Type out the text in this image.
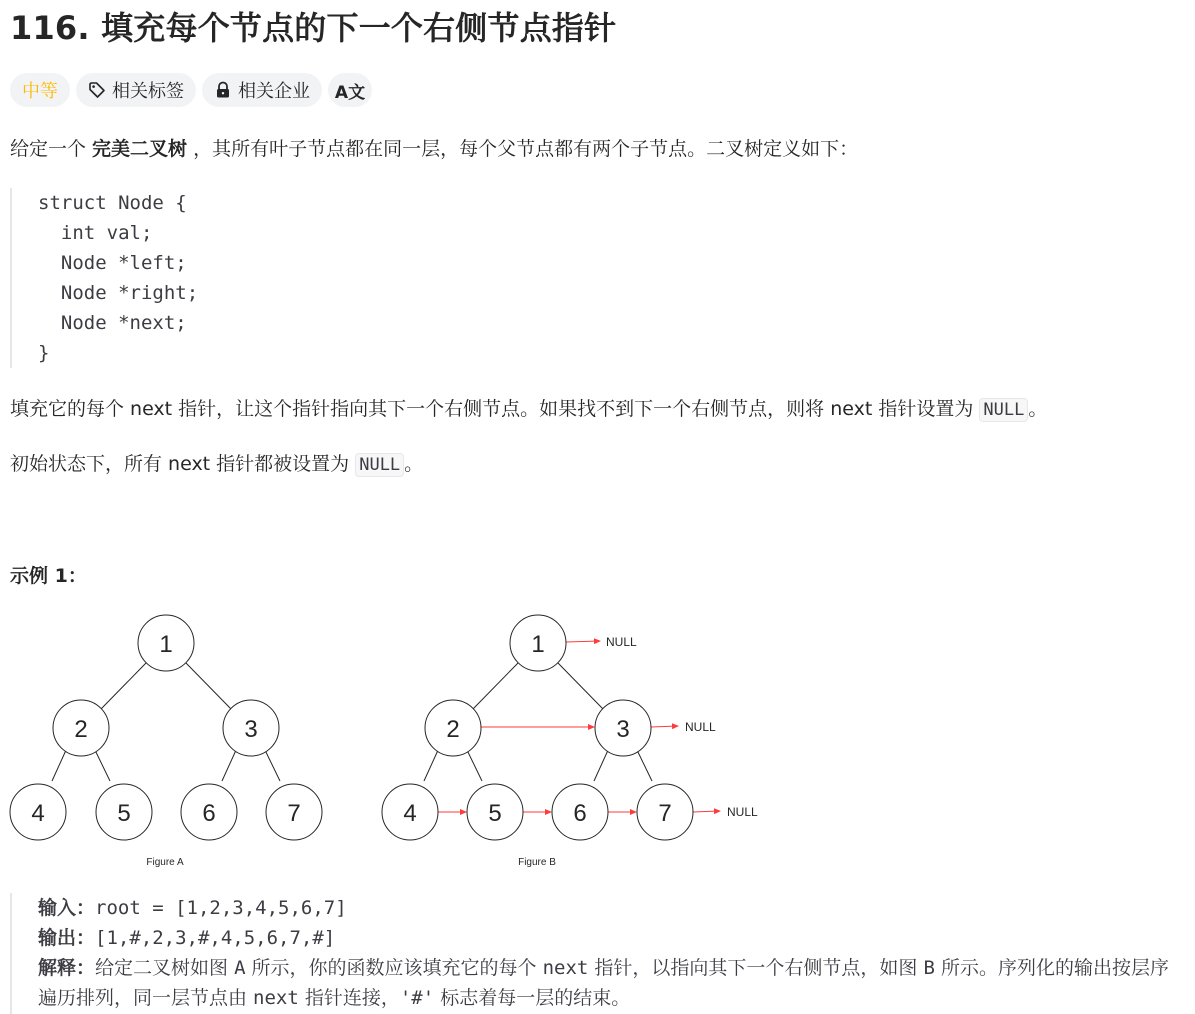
116. 填充每个节点的下一个右侧节点指针
中等	相关标签	相关企业 A文

给定一个 完美二叉树 ，其所有叶子节点都在同一层，每个父节点都有两个子节点。二叉树定义如下：

struct Node {
int val;
Node *left;
Node *right;
Node *next;
}

填充它的每个 next 指针，让这个指针指向其下一个右侧节点。如果找不到下一个右侧节点，则将 next 指针设置为 NULL 。

初始状态下，所有 next 指针都被设置为 NULL 。

示例 1：

1
2	3
4	5	6	7
1
2	3
4	5	6	7
NULL
NULL
NULL
Figure A	Figure B
输入：root = [1,2,3,4,5,6,7]
输出：[1,#,2,3,#,4,5,6,7,#]
解释：给定二叉树如图 A 所示，你的函数应该填充它的每个 next 指针，以指向其下一个右侧节点，如图 B 所示。序列化的输出按层序遍历排列，同一层节点由 next 指针连接，'#' 标志着每一层的结束。
